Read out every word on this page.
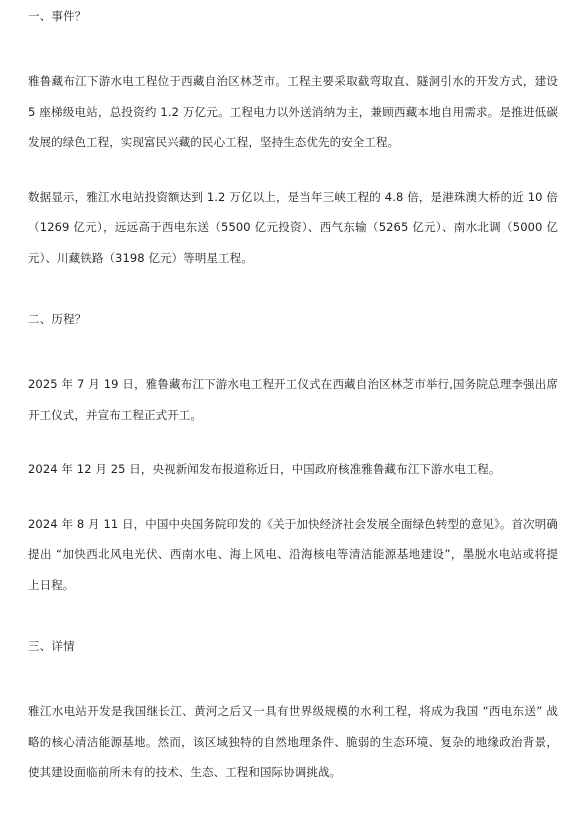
一、事件？

雅鲁藏布江下游水电工程位于西藏自治区林芝市。工程主要采取截弯取直、隧洞引水的开发方式，建设 5 座梯级电站，总投资约 1.2 万亿元。工程电力以外送消纳为主，兼顾西藏本地自用需求。是推进低碳发展的绿色工程，实现富民兴藏的民心工程，坚持生态优先的安全工程。

数据显示，雅江水电站投资额达到 1.2 万亿以上，是当年三峡工程的 4.8 倍，是港珠澳大桥的近 10 倍（1269 亿元），远远高于西电东送（5500 亿元投资）、西气东输（5265 亿元）、南水北调（5000 亿元）、川藏铁路（3198 亿元）等明星工程。

二、历程？

2025 年 7 月 19 日，雅鲁藏布江下游水电工程开工仪式在西藏自治区林芝市举行,国务院总理李强出席开工仪式，并宣布工程正式开工。

2024 年 12 月 25 日，央视新闻发布报道称近日，中国政府核准雅鲁藏布江下游水电工程。

2024 年 8 月 11 日，中国中央国务院印发的《关于加快经济社会发展全面绿色转型的意见》。首次明确提出 “加快西北风电光伏、西南水电、海上风电、沿海核电等清洁能源基地建设”，墨脱水电站或将提 上日程。

三、详情

雅江水电站开发是我国继长江、黄河之后又一具有世界级规模的水利工程，将成为我国 “西电东送” 战略的核心清洁能源基地。然而，该区域独特的自然地理条件、脆弱的生态环境、复杂的地缘政治背景，使其建设面临前所未有的技术、生态、工程和国际协调挑战。
